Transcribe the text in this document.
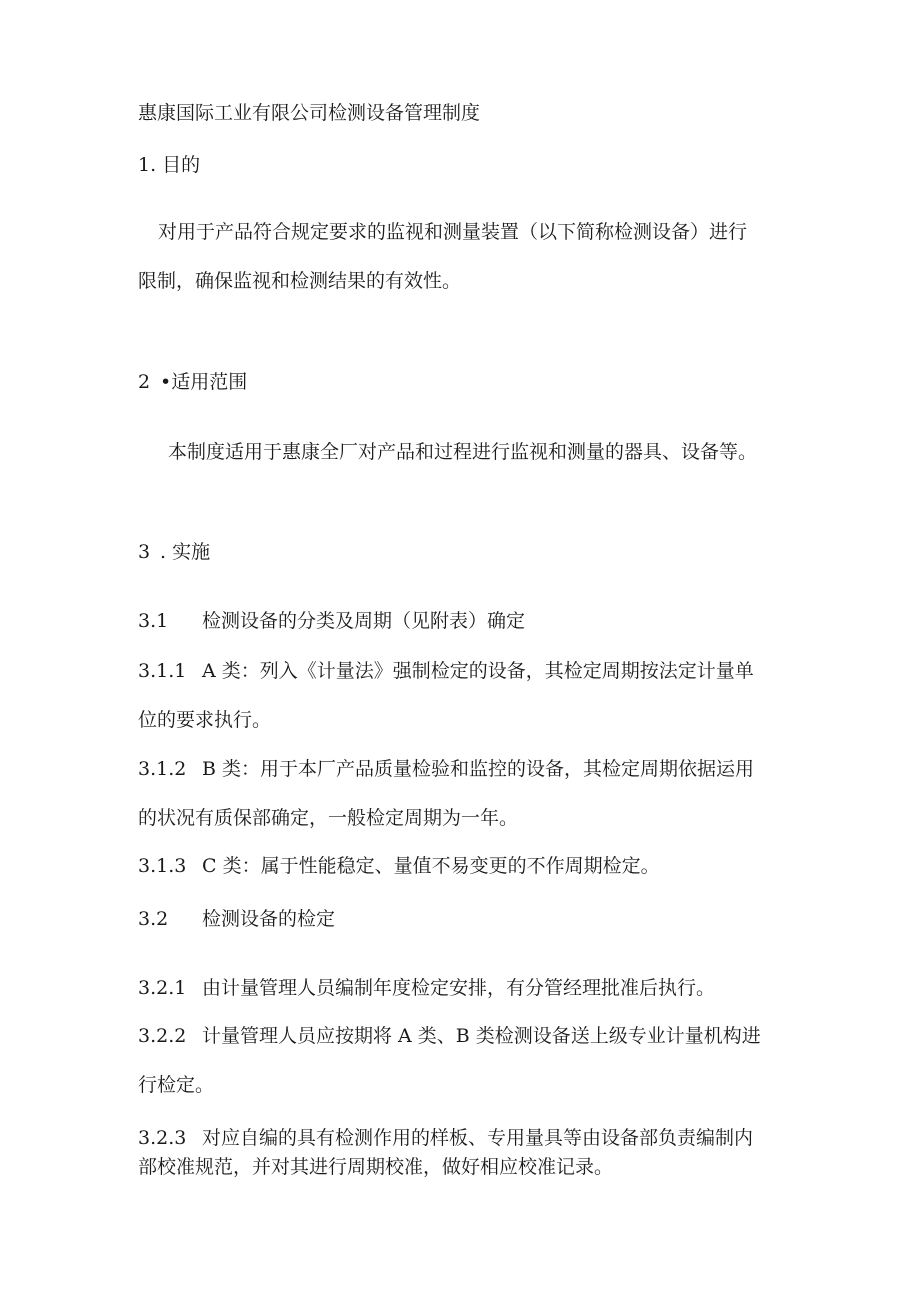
惠康国际工业有限公司检测设备管理制度
1. 目的
对用于产品符合规定要求的监视和测量装置（以下简称检测设备）进行
限制，确保监视和检测结果的有效性。
2 •适用范围
本制度适用于惠康全厂对产品和过程进行监视和测量的器具、设备等。
3 . 实施
3.1 检测设备的分类及周期（见附表）确定
3.1.1 A 类：列入《计量法》强制检定的设备，其检定周期按法定计量单
位的要求执行。
3.1.2 B 类：用于本厂产品质量检验和监控的设备，其检定周期依据运用
的状况有质保部确定，一般检定周期为一年。
3.1.3 C 类：属于性能稳定、量值不易变更的不作周期检定。
3.2 检测设备的检定
3.2.1 由计量管理人员编制年度检定安排，有分管经理批准后执行。
3.2.2 计量管理人员应按期将 A 类、B 类检测设备送上级专业计量机构进
行检定。
3.2.3 对应自编的具有检测作用的样板、专用量具等由设备部负责编制内
部校准规范，并对其进行周期校准，做好相应校准记录。
